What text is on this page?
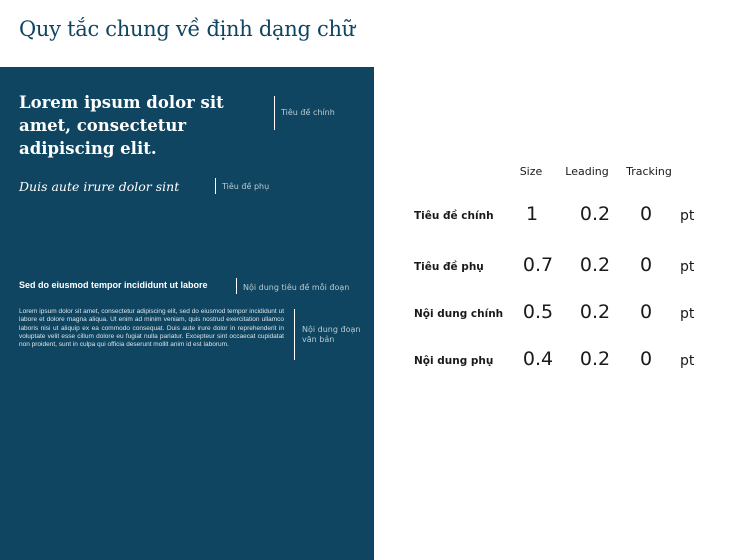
Quy tắc chung về định dạng chữ
Lorem ipsum dolor sit amet, consectetur adipiscing elit.
Tiêu đề chính
Duis aute irure dolor sint	Tiêu đề phụ
Sed do eiusmod tempor incididunt ut labore	Nội dung tiêu đề mỗi đoạn
Lorem ipsum dolor sit amet, consectetur adipiscing elit, sed do eiusmod tempor incididunt ut labore et dolore magna aliqua. Ut enim ad minim veniam, quis nostrud exercitation ullamco laboris nisi ut aliquip ex ea commodo consequat. Duis aute irure dolor in reprehenderit in voluptate velit esse cillum dolore eu fugiat nulla pariatur. Excepteur sint occaecat cupidatat non proident, sunt in culpa qui officia deserunt mollit anim id est laborum.
Nội dung đoạn văn bản
Size	Leading	Tracking
Tiêu đề chính	1	0.2	0	pt
Tiêu đề phụ	0.7	0.2	0	pt
Nội dung chính	0.5	0.2	0	pt
Nội dung phụ	0.4	0.2	0	pt
